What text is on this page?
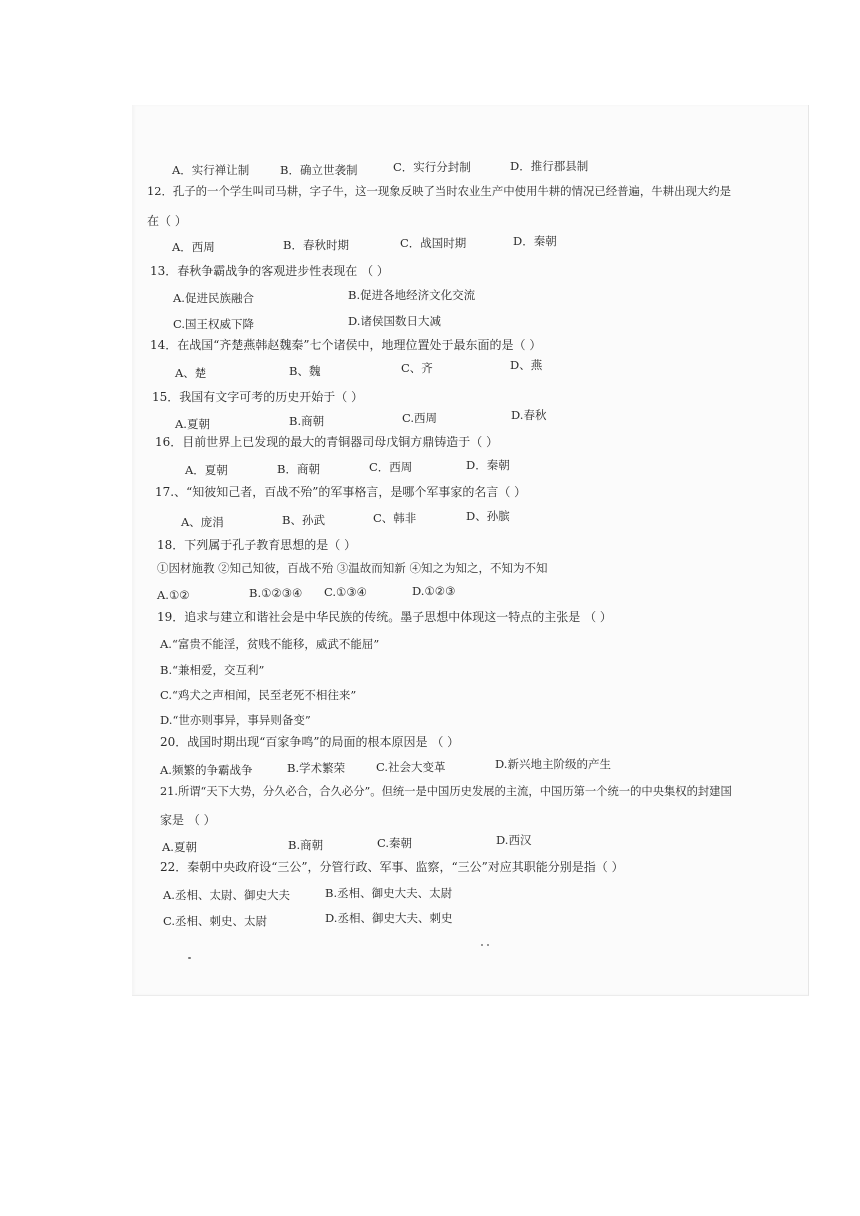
A．实行禅让制	B．确立世袭制	C．实行分封制	D．推行郡县制
12．孔子的一个学生叫司马耕，字子牛，这一现象反映了当时农业生产中使用牛耕的情况已经普遍，牛耕出现大约是
在（ ）
A．西周	B．春秋时期	C．战国时期	D．秦朝
13．春秋争霸战争的客观进步性表现在 （ ）
A.促进民族融合	B.促进各地经济文化交流
C.国王权威下降	D.诸侯国数日大减
14．在战国“齐楚燕韩赵魏秦”七个诸侯中，地理位置处于最东面的是（ ）
A、楚	B、魏	C、齐	D、燕
15．我国有文字可考的历史开始于（ ）
A.夏朝	B.商朝	C.西周	D.春秋
16．目前世界上已发现的最大的青铜器司母戊铜方鼎铸造于（ ）
A．夏朝	B．商朝	C．西周	D．秦朝
17.、“知彼知己者，百战不殆”的军事格言，是哪个军事家的名言（ ）
A、庞涓	B、孙武	C、韩非	D、孙膑
18．下列属于孔子教育思想的是（ ）
①因材施教 ②知己知彼，百战不殆 ③温故而知新 ④知之为知之，不知为不知
A.①②	B.①②③④ C.①③④	D.①②③
19．追求与建立和谐社会是中华民族的传统。墨子思想中体现这一特点的主张是 （ ）
A.“富贵不能淫，贫贱不能移，威武不能屈”
B.“兼相爱，交互利”
C.“鸡犬之声相闻，民至老死不相往来”
D.“世亦则事异，事异则备变”
20．战国时期出现“百家争鸣”的局面的根本原因是 （ ）
A.频繁的争霸战争	B.学术繁荣	C.社会大变革	D.新兴地主阶级的产生
21.所谓“天下大势，分久必合，合久必分”。但统一是中国历史发展的主流，中国历第一个统一的中央集权的封建国
家是 （ ）
A.夏朝	B.商朝	C.秦朝	D.西汉
22．秦朝中央政府设“三公”，分管行政、军事、监察，“三公”对应其职能分别是指（ ）
A.丞相、太尉、御史大夫	B.丞相、御史大夫、太尉
C.丞相、刺史、太尉	D.丞相、御史大夫、刺史
